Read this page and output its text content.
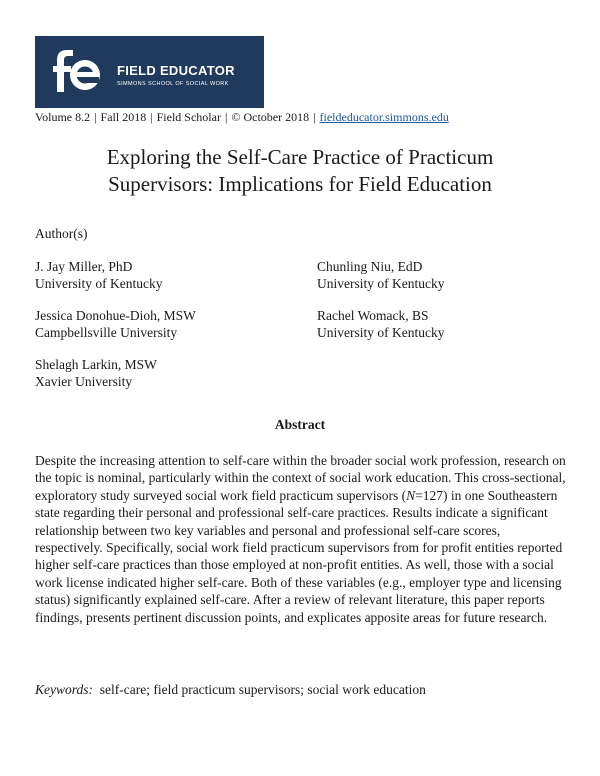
FIELD EDUCATOR
SIMMONS SCHOOL OF SOCIAL WORK
Volume 8.2 | Fall 2018 | Field Scholar | © October 2018 | fieldeducator.simmons.edu
Exploring the Self-Care Practice of Practicum
Supervisors: Implications for Field Education
Author(s)
J. Jay Miller, PhD
University of Kentucky
Chunling Niu, EdD
University of Kentucky
Jessica Donohue-Dioh, MSW
Campbellsville University
Rachel Womack, BS
University of Kentucky
Shelagh Larkin, MSW
Xavier University
Abstract

Despite the increasing attention to self-care within the broader social work profession, research on the topic is nominal, particularly within the context of social work education. This cross-sectional, exploratory study surveyed social work field practicum supervisors (N=127) in one Southeastern state regarding their personal and professional self-care practices. Results indicate a significant relationship between two key variables and personal and professional self-care scores, respectively. Specifically, social work field practicum supervisors from for profit entities reported higher self-care practices than those employed at non-profit entities. As well, those with a social work license indicated higher self-care. Both of these variables (e.g., employer type and licensing status) significantly explained self-care. After a review of relevant literature, this paper reports findings, presents pertinent discussion points, and explicates apposite areas for future research.

Keywords: self-care; field practicum supervisors; social work education
